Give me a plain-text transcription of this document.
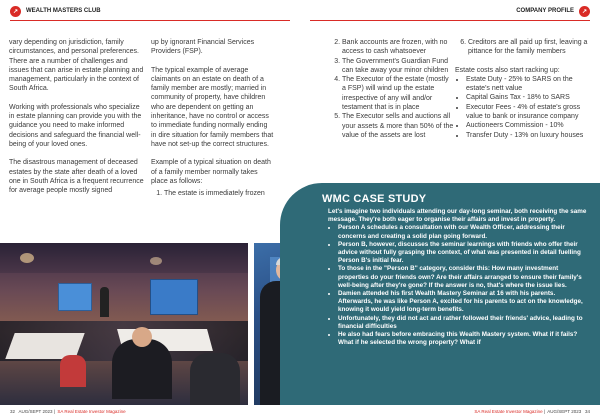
↗	WEALTH MASTERS CLUB	COMPANY PROFILE	↗

vary depending on jurisdiction, family circumstances, and personal preferences. There are a number of challenges and issues that can arise in estate planning and management, particularly in the context of South Africa.

Working with professionals who specialize in estate planning can provide you with the guidance you need to make informed decisions and safeguard the financial well-being of your loved ones.

The disastrous management of deceased estates by the state after death of a loved one in South Africa is a frequent recurrence for average people mostly signed

up by ignorant Financial Services Providers (FSP).

The typical example of average claimants on an estate on death of a family member are mostly; married in community of property, have children who are dependent on getting an inheritance, have no control or access to immediate funding normally ending in dire situation for family members that have not set-up the correct structures.

Example of a typical situation on death of a family member normally takes place as follows:

1. The estate is immediately frozen
2. Bank accounts are frozen, with no access to cash whatsoever
3. The Government's Guardian Fund can take away your minor children
4. The Executor of the estate (mostly a FSP) will wind up the estate irrespective of any will and/or testament that is in place
5. The Executor sells and auctions all your assets & more than 50% of the value of the assets are lost
6. Creditors are all paid up first, leaving a pittance for the family members

Estate costs also start racking up:

• Estate Duty - 25% to SARS on the estate's nett value
• Capital Gains Tax - 18% to SARS
• Executor Fees - 4% of estate's gross value to bank or insurance company
• Auctioneers Commission - 10%
• Transfer Duty - 13% on luxury houses
WMC CASE STUDY

Let's imagine two individuals attending our day-long seminar, both receiving the same message. They're both eager to organise their affairs and invest in property.

• Person A schedules a consultation with our Wealth Officer, addressing their concerns and creating a solid plan going forward.
• Person B, however, discusses the seminar learnings with friends who offer their advice without fully grasping the context, of what was presented in detail fuelling Person B's initial fear.
• To those in the "Person B" category, consider this: How many investment properties do your friends own? Are their affairs arranged to ensure their family's well-being after they're gone? If the answer is no, that's where the issue lies.
• Damien attended his first Wealth Mastery Seminar at 16 with his parents. Afterwards, he was like Person A, excited for his parents to act on the knowledge, knowing it would yield long-term benefits.
• Unfortunately, they did not act and rather followed their friends' advice, leading to financial difficulties
• He also had fears before embracing this Wealth Mastery system. What if it fails? What if he selected the wrong property? What if
32 AUG/SEPT 2023 |  SA Real Estate Investor Magazine	SA Real Estate Investor Magazine |  AUG/SEPT 2023 34
